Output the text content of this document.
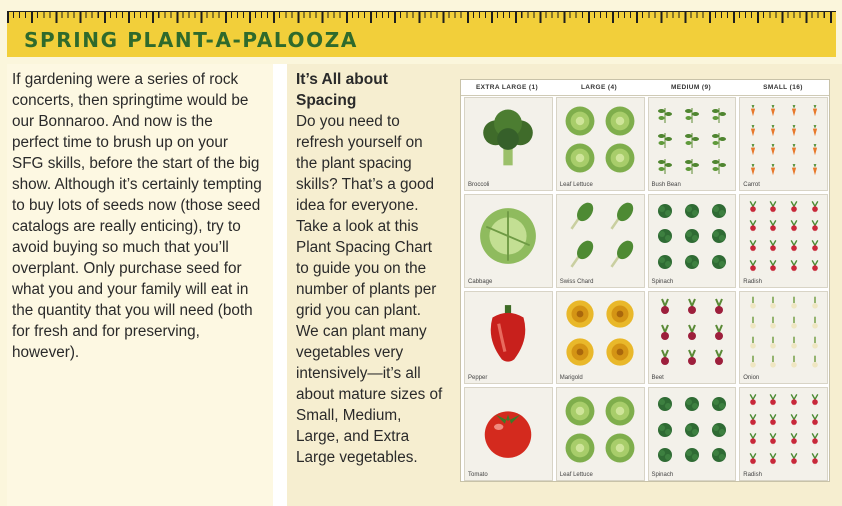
SPRING PLANT-A-PALOOZA

If gardening were a series of rock concerts, then springtime would be our Bonnaroo. And now is the perfect time to brush up on your SFG skills, before the start of the big show. Although it’s certainly tempting to buy lots of seeds now (those seed catalogs are really enticing), try to avoid buying so much that you’ll overplant. Only purchase seed for what you and your family will eat in the quantity that you will need (both for fresh and for preserving, however).

It’s All about Spacing

Do you need to refresh yourself on the plant spacing skills? That’s a good idea for everyone. Take a look at this Plant Spacing Chart to guide you on the number of plants per grid you can plant. We can plant many vegetables very intensively—it’s all about mature sizes of Small, Medium, Large, and Extra Large vegetables.

EXTRA LARGE (1)	LARGE (4)	MEDIUM (9)	SMALL (16)
Broccoli	Leaf Lettuce	Bush Bean	Carrot
Cabbage	Swiss Chard	Spinach	Radish
Pepper	Marigold	Beet	Onion
Tomato	Leaf Lettuce	Spinach	Radish
